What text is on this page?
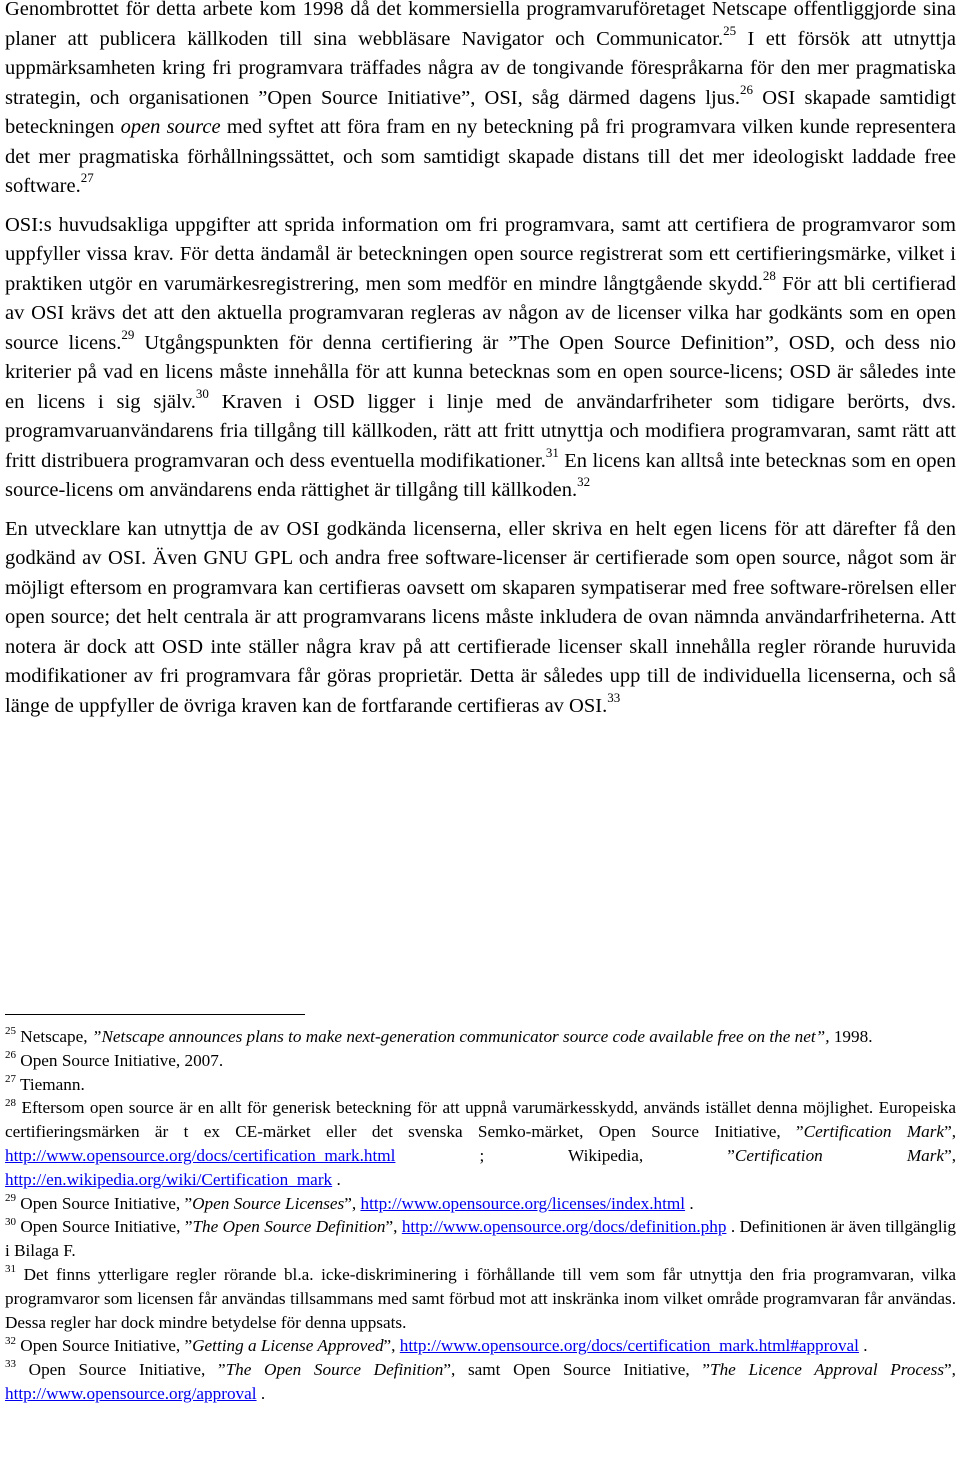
Genombrottet för detta arbete kom 1998 då det kommersiella programvaruföretaget Netscape offentliggjorde sina planer att publicera källkoden till sina webbläsare Navigator och Communicator.$^{25}$ I ett försök att utnyttja uppmärksamheten kring fri programvara träffades några av de tongivande förespråkarna för den mer pragmatiska strategin, och organisationen ”Open Source Initiative”, OSI, såg därmed dagens ljus.$^{26}$ OSI skapade samtidigt beteckningen open source med syftet att föra fram en ny beteckning på fri programvara vilken kunde representera det mer pragmatiska förhållningssättet, och som samtidigt skapade distans till det mer ideologiskt laddade free software.$^{27}$

OSI:s huvudsakliga uppgifter att sprida information om fri programvara, samt att certifiera de programvaror som uppfyller vissa krav. För detta ändamål är beteckningen open source registrerat som ett certifieringsmärke, vilket i praktiken utgör en varumärkesregistrering, men som medför en mindre långtgående skydd.$^{28}$ För att bli certifierad av OSI krävs det att den aktuella programvaran regleras av någon av de licenser vilka har godkänts som en open source licens.$^{29}$ Utgångspunkten för denna certifiering är ”The Open Source Definition”, OSD, och dess nio kriterier på vad en licens måste innehålla för att kunna betecknas som en open source-licens; OSD är således inte en licens i sig själv.$^{30}$ Kraven i OSD ligger i linje med de användarfriheter som tidigare berörts, dvs. programvaruanvändarens fria tillgång till källkoden, rätt att fritt utnyttja och modifiera programvaran, samt rätt att fritt distribuera programvaran och dess eventuella modifikationer.$^{31}$ En licens kan alltså inte betecknas som en open source-licens om användarens enda rättighet är tillgång till källkoden.$^{32}$

En utvecklare kan utnyttja de av OSI godkända licenserna, eller skriva en helt egen licens för att därefter få den godkänd av OSI. Även GNU GPL och andra free software-licenser är certifierade som open source, något som är möjligt eftersom en programvara kan certifieras oavsett om skaparen sympatiserar med free software-rörelsen eller open source; det helt centrala är att programvarans licens måste inkludera de ovan nämnda användarfriheterna. Att notera är dock att OSD inte ställer några krav på att certifierade licenser skall innehålla regler rörande huruvida modifikationer av fri programvara får göras proprietär. Detta är således upp till de individuella licenserna, och så länge de uppfyller de övriga kraven kan de fortfarande certifieras av OSI.$^{33}$

$^{25}$ Netscape, ”Netscape announces plans to make next-generation communicator source code available free on the net”, 1998.
$^{26}$ Open Source Initiative, 2007.
$^{27}$ Tiemann.
$^{28}$ Eftersom open source är en allt för generisk beteckning för att uppnå varumärkesskydd, används istället denna möjlighet. Europeiska certifieringsmärken är t ex CE-märket eller det svenska Semko-märket, Open Source Initiative, ”Certification Mark”, http://www.opensource.org/docs/certification_mark.html ; Wikipedia, ”Certification Mark”, http://en.wikipedia.org/wiki/Certification_mark .
$^{29}$ Open Source Initiative, ”Open Source Licenses”, http://www.opensource.org/licenses/index.html .
$^{30}$ Open Source Initiative, ”The Open Source Definition”, http://www.opensource.org/docs/definition.php . Definitionen är även tillgänglig i Bilaga F.
$^{31}$ Det finns ytterligare regler rörande bl.a. icke-diskriminering i förhållande till vem som får utnyttja den fria programvaran, vilka programvaror som licensen får användas tillsammans med samt förbud mot att inskränka inom vilket område programvaran får användas. Dessa regler har dock mindre betydelse för denna uppsats.
$^{32}$ Open Source Initiative, ”Getting a License Approved”, http://www.opensource.org/docs/certification_mark.html#approval .
$^{33}$ Open Source Initiative, ”The Open Source Definition”, samt Open Source Initiative, ”The Licence Approval Process”, http://www.opensource.org/approval .
